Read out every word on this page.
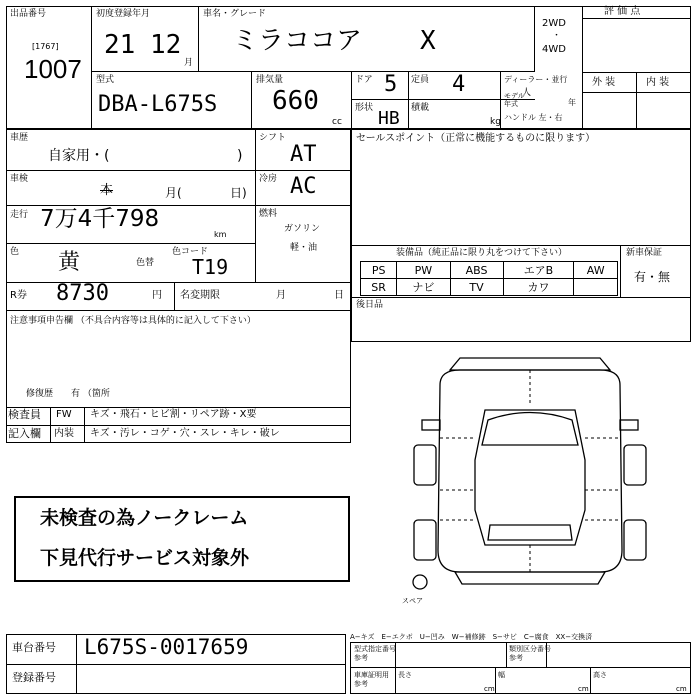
出品番号
[1767]
1007
初度登録年月
21 12
月
車名・グレード
ミラココア X
2WD
・
4WD
評 価 点
外 装	内 装
型式
DBA-L675S
排気量
660
cc
ドア 5 定員 4	人
形状 HB 積載
kg
ディーラー・並行
モデル
年式	年
ハンドル 左・右
車歴
自家用・(	)
車検
本	月(	日)
走行 7万4千798
km
色 黄	色替
色コード
T19
シフト
AT
冷房 AC
燃料
ガソリン
軽・油
R券 8730	円 名変期限	月	日
注意事項申告欄 （不具合内容等は具体的に記入して下さい）
修復歴　　有 （箇所
検査員
記入欄
FW キズ・飛石・ヒビ割・リペア跡・X要
内装 キズ・汚レ・コゲ・穴・スレ・キレ・破レ
未検査の為ノークレーム
下見代行サービス対象外
セールスポイント（正常に機能するものに限ります）
装備品（純正品に限り丸をつけて下さい）	新車保証
有・無
PS	PW	ABS	エアB	AW
SR	ナビ	TV	カワ	
後日品
スペア
車台番号 L675S-0017659
登録番号
A−キズ　E−エクボ　U−凹み　W−補修跡　S−サビ　C−腐食　XX−交換済
型式指定番号
参考
類別区分番号
参考
車庫証明用
参考
長さ
cm
幅
cm
高さ
cm
